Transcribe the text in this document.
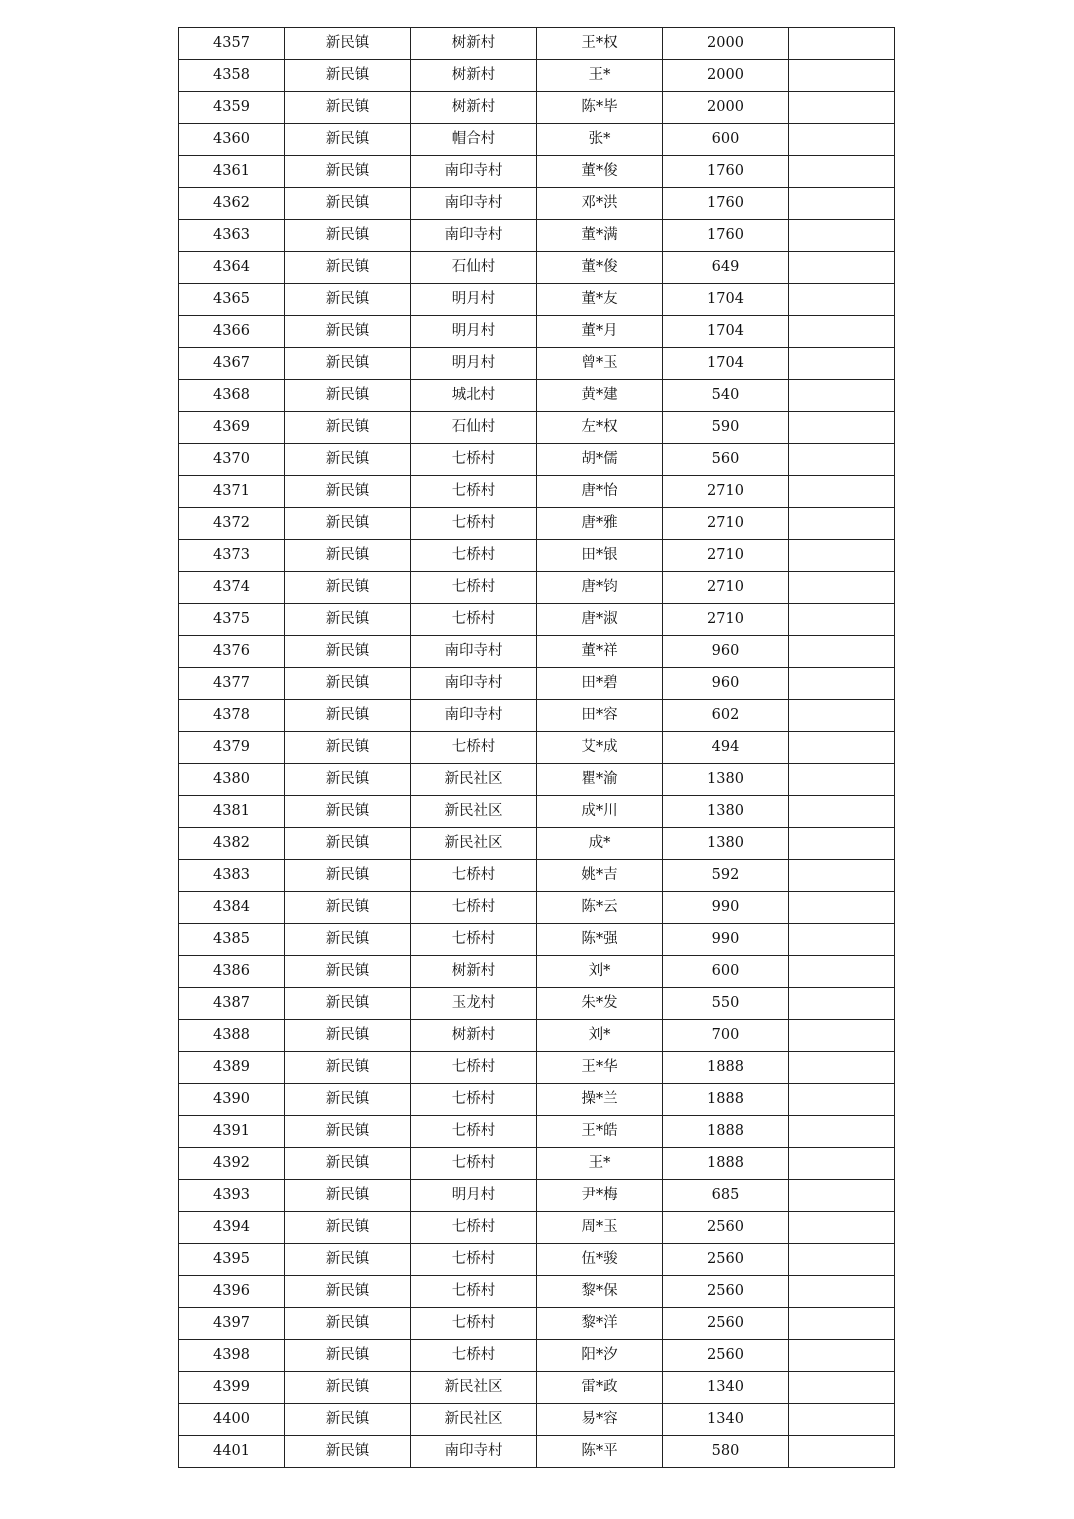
4357	新民镇	树新村	王*权	2000	
4358	新民镇	树新村	王*	2000	
4359	新民镇	树新村	陈*毕	2000	
4360	新民镇	帽合村	张*	600	
4361	新民镇	南印寺村	董*俊	1760	
4362	新民镇	南印寺村	邓*洪	1760	
4363	新民镇	南印寺村	董*满	1760	
4364	新民镇	石仙村	董*俊	649	
4365	新民镇	明月村	董*友	1704	
4366	新民镇	明月村	董*月	1704	
4367	新民镇	明月村	曾*玉	1704	
4368	新民镇	城北村	黄*建	540	
4369	新民镇	石仙村	左*权	590	
4370	新民镇	七桥村	胡*儒	560	
4371	新民镇	七桥村	唐*怡	2710	
4372	新民镇	七桥村	唐*雅	2710	
4373	新民镇	七桥村	田*银	2710	
4374	新民镇	七桥村	唐*钧	2710	
4375	新民镇	七桥村	唐*淑	2710	
4376	新民镇	南印寺村	董*祥	960	
4377	新民镇	南印寺村	田*碧	960	
4378	新民镇	南印寺村	田*容	602	
4379	新民镇	七桥村	艾*成	494	
4380	新民镇	新民社区	瞿*渝	1380	
4381	新民镇	新民社区	成*川	1380	
4382	新民镇	新民社区	成*	1380	
4383	新民镇	七桥村	姚*吉	592	
4384	新民镇	七桥村	陈*云	990	
4385	新民镇	七桥村	陈*强	990	
4386	新民镇	树新村	刘*	600	
4387	新民镇	玉龙村	朱*发	550	
4388	新民镇	树新村	刘*	700	
4389	新民镇	七桥村	王*华	1888	
4390	新民镇	七桥村	操*兰	1888	
4391	新民镇	七桥村	王*皓	1888	
4392	新民镇	七桥村	王*	1888	
4393	新民镇	明月村	尹*梅	685	
4394	新民镇	七桥村	周*玉	2560	
4395	新民镇	七桥村	伍*骏	2560	
4396	新民镇	七桥村	黎*保	2560	
4397	新民镇	七桥村	黎*洋	2560	
4398	新民镇	七桥村	阳*汐	2560	
4399	新民镇	新民社区	雷*政	1340	
4400	新民镇	新民社区	易*容	1340	
4401	新民镇	南印寺村	陈*平	580	
